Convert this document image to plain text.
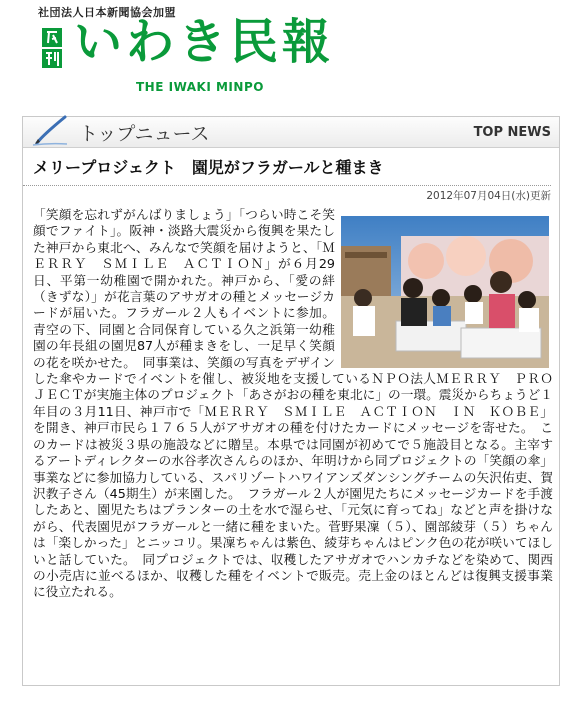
社団法人日本新聞協会加盟
いわき民報
THE IWAKI MINPO
トップニュース	TOP NEWS
メリープロジェクト　園児がフラガールと種まき
2012年07月04日(水)更新

「笑顔を忘れずがんばりましょう」「つらい時こそ笑顔でファイト」。阪神・淡路大震災から復興を果たした神戸から東北へ、みんなで笑顔を届けようと、「ＭＥＲＲＹ　ＳＭＩＬＥ　ＡＣＴＩＯＮ」が６月29日、平第一幼稚園で開かれた。神戸から、「愛の絆（きずな）」が花言葉のアサガオの種とメッセージカードが届いた。フラガール２人もイベントに参加。青空の下、同園と合同保育している久之浜第一幼稚園の年長組の園児87人が種まきをし、一足早く笑顔の花を咲かせた。　同事業は、笑顔の写真をデザインした傘やカードでイベントを催し、被災地を支援しているＮＰＯ法人ＭＥＲＲＹ　ＰＲＯＪＥＣＴが実施主体のプロジェクト「あさがおの種を東北に」の一環。震災からちょうど１年目の３月11日、神戸市で「ＭＥＲＲＹ　ＳＭＩＬＥ　ＡＣＴＩＯＮ　ＩＮ　ＫＯＢＥ」を開き、神戸市民ら１７６５人がアサガオの種を付けたカードにメッセージを寄せた。　このカードは被災３県の施設などに贈呈。本県では同園が初めてで５施設目となる。主宰するアートディレクターの水谷孝次さんらのほか、年明けから同プロジェクトの「笑顔の傘」事業などに参加協力している、スパリゾートハワイアンズダンシングチームの矢沢佑吏、賀沢教子さん（45期生）が来園した。　フラガール２人が園児たちにメッセージカードを手渡したあと、園児たちはプランターの土を水で湿らせ、「元気に育ってね」などと声を掛けながら、代表園児がフラガールと一緒に種をまいた。菅野果凜（５）、園部綾芽（５）ちゃんは「楽しかった」とニッコリ。果凜ちゃんは紫色、綾芽ちゃんはピンク色の花が咲いてほしいと話していた。　同プロジェクトでは、収穫したアサガオでハンカチなどを染めて、関西の小売店に並べるほか、収穫した種をイベントで販売。売上金のほとんどは復興支援事業に役立たれる。
